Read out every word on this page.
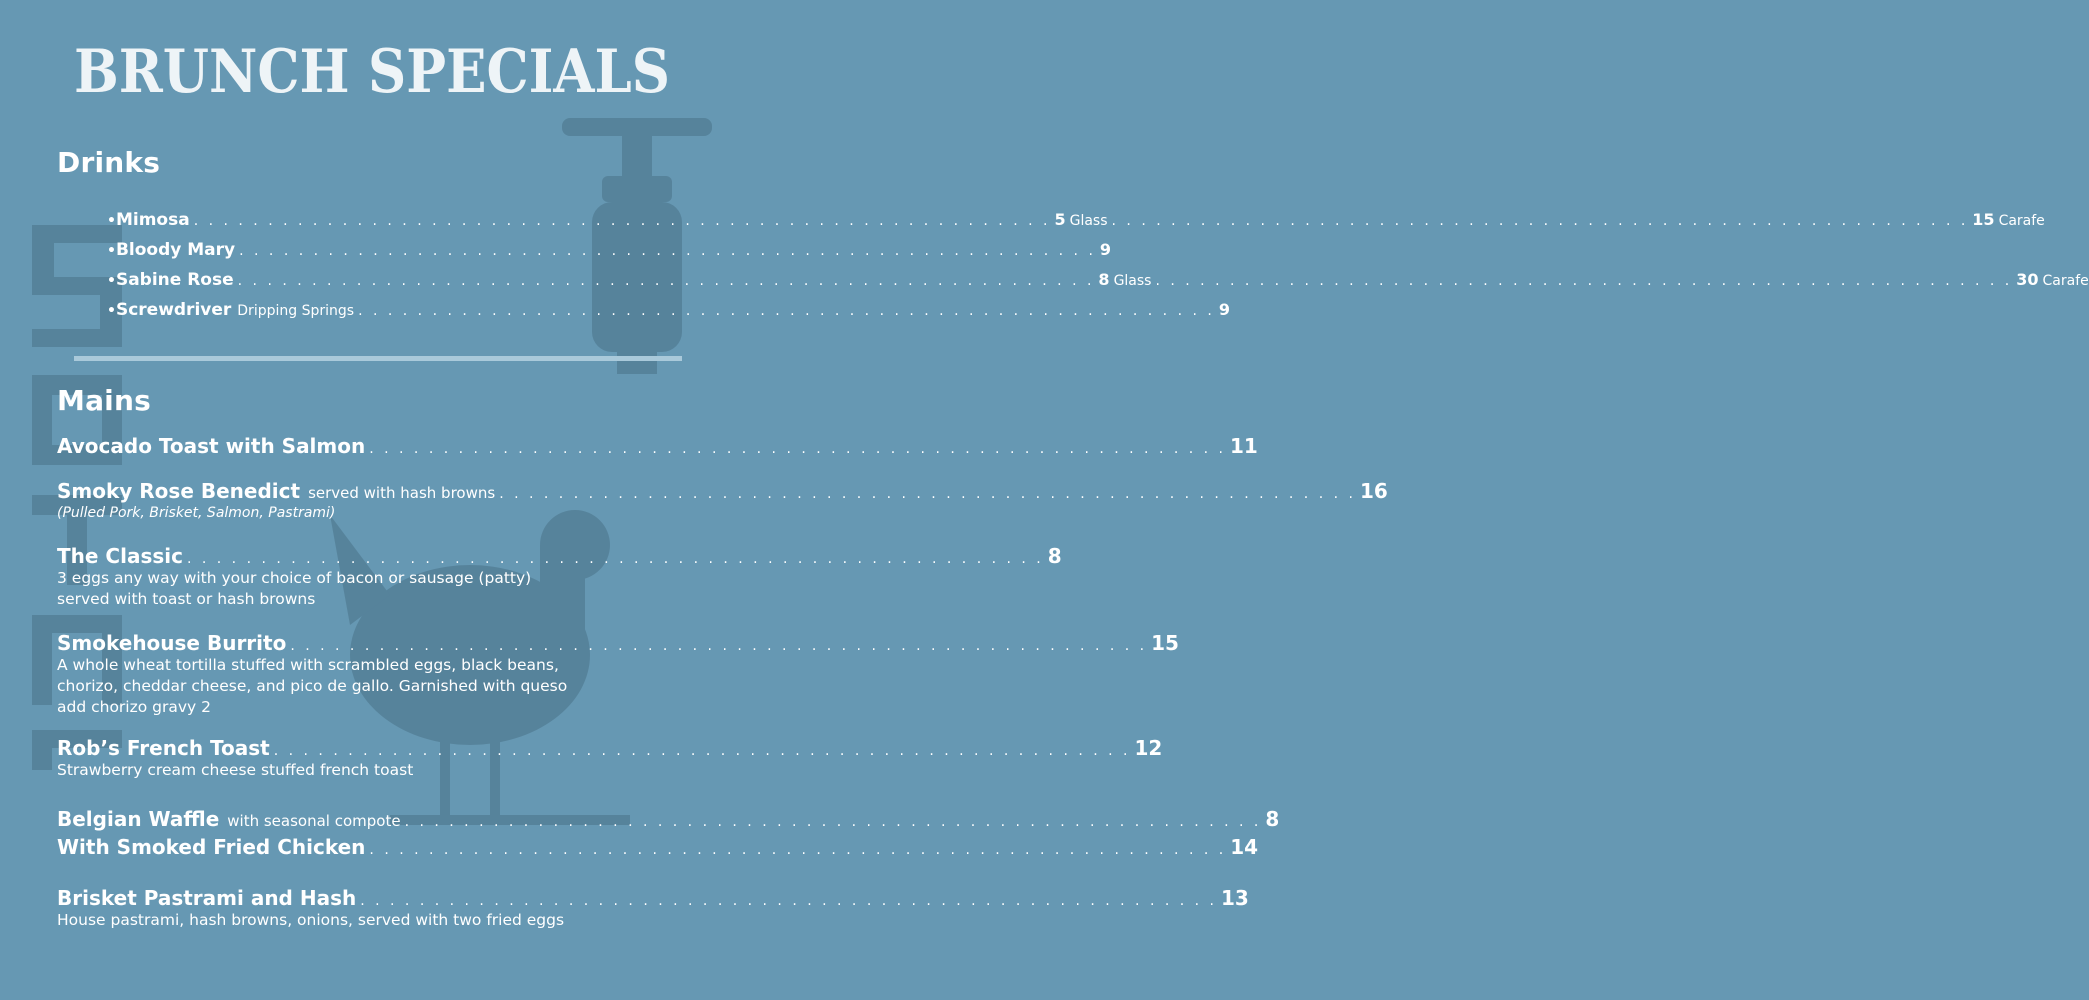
BRUNCH SPECIALS
Drinks
• Mimosa . . .	5 Glass . . .	15 Carafe
• Bloody Mary . . .	9
• Sabine Rose . . .	8 Glass . . .	30 Carafe
• Screwdriver Dripping Springs . . .	9
Mains
Avocado Toast with Salmon . . .	11
Smoky Rose Benedict served with hash browns . . .	16
(Pulled Pork, Brisket, Salmon, Pastrami)
The Classic . . .	8
3 eggs any way with your choice of bacon or sausage (patty)
served with toast or hash browns
Smokehouse Burrito . . .	15
A whole wheat tortilla stuffed with scrambled eggs, black beans,
chorizo, cheddar cheese, and pico de gallo. Garnished with queso
add chorizo gravy 2
Rob’s French Toast . . .	12
Strawberry cream cheese stuffed french toast
Belgian Waffle with seasonal compote . . .	8
With Smoked Fried Chicken . . .	14
Brisket Pastrami and Hash . . .	13
House pastrami, hash browns, onions, served with two fried eggs
